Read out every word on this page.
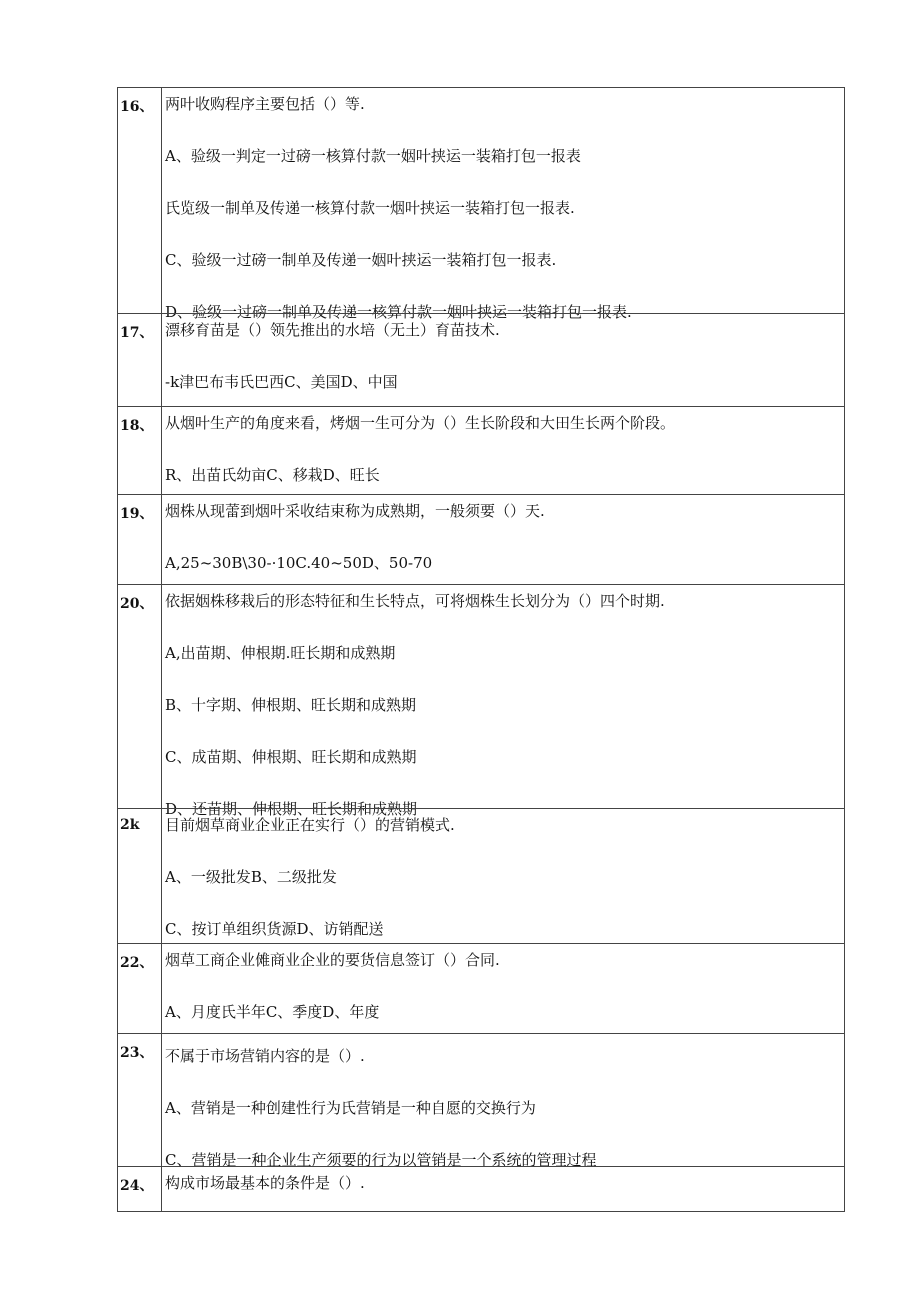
16、 两叶收购程序主要包括（）等.

A、验级一判定一过磅一核算付款一姻叶挟运一装箱打包一报表

氏览级一制单及传递一核算付款一烟叶挟运一装箱打包一报表.

C、验级一过磅一制单及传递一姻叶挟运一装箱打包一报表.

D、验级一过磅一制单及传递一核算付款一姻叶挟运一装箱打包一报表.

17、 漂移育苗是（）领先推出的水培（无土）育苗技术.

-k津巴布韦氏巴西C、美国D、中国

18、 从烟叶生产的角度来看，烤烟一生可分为（）生长阶段和大田生长两个阶段。

R、出苗氏幼亩C、移栽D、旺长

19、 烟株从现蕾到烟叶采收结束称为成熟期，一般须要（）天.

A,25~30B\30-·10C.40~50D、50-70

20、 依据姻株移栽后的形态特征和生长特点，可将烟株生长划分为（）四个时期.

A,出苗期、伸根期.旺长期和成熟期

B、十字期、伸根期、旺长期和成熟期

C、成苗期、伸根期、旺长期和成熟期

D、还苗期、伸根期、旺长期和成熟期

2k	目前烟草商业企业正在实行（）的营销模式.

A、一级批发B、二级批发

C、按订单组织货源D、访销配送

22、 烟草工商企业傩商业企业的要货信息签订（）合同.

A、月度氏半年C、季度D、年度

23、 不属于市场营销内容的是（）.

A、营销是一种创建性行为氏营销是一种自愿的交换行为

C、营销是一种企业生产须要的行为以管销是一个系统的管理过程

24、 构成市场最基本的条件是（）.
